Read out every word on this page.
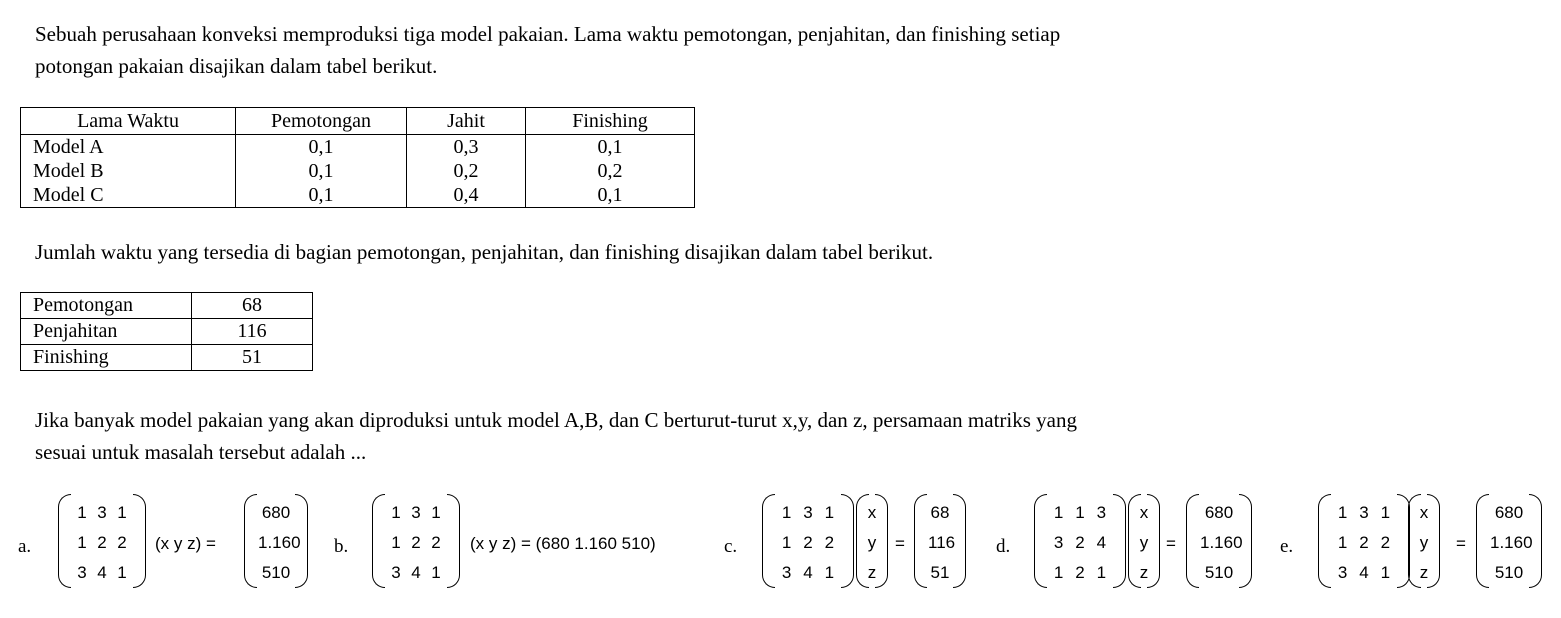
Sebuah perusahaan konveksi memproduksi tiga model pakaian. Lama waktu pemotongan, penjahitan, dan finishing setiap potongan pakaian disajikan dalam tabel berikut.

Lama Waktu	Pemotongan	Jahit	Finishing
Model A	0,1	0,3	0,1
Model B	0,1	0,2	0,2
Model C	0,1	0,4	0,1

Jumlah waktu yang tersedia di bagian pemotongan, penjahitan, dan finishing disajikan dalam tabel berikut.

Pemotongan	68
Penjahitan	116
Finishing	51

Jika banyak model pakaian yang akan diproduksi untuk model A,B, dan C berturut-turut x,y, dan z, persamaan matriks yang sesuai untuk masalah tersebut adalah ...

a.
1 3 1
1 2 2
3 4 1
(x y z) =
680
1.160
510
b.
1 3 1
1 2 2
3 4 1
(x y z) = (680 1.160 510)	c.
1 3 1
1 2 2
3 4 1
x
y
z
=
68
116
51
d.
1 1 3
3 2 4
1 2 1
x
y
z
=
680
1.160
510
e.
1 3 1
1 2 2
3 4 1
x
y
z
=
680
1.160
510
